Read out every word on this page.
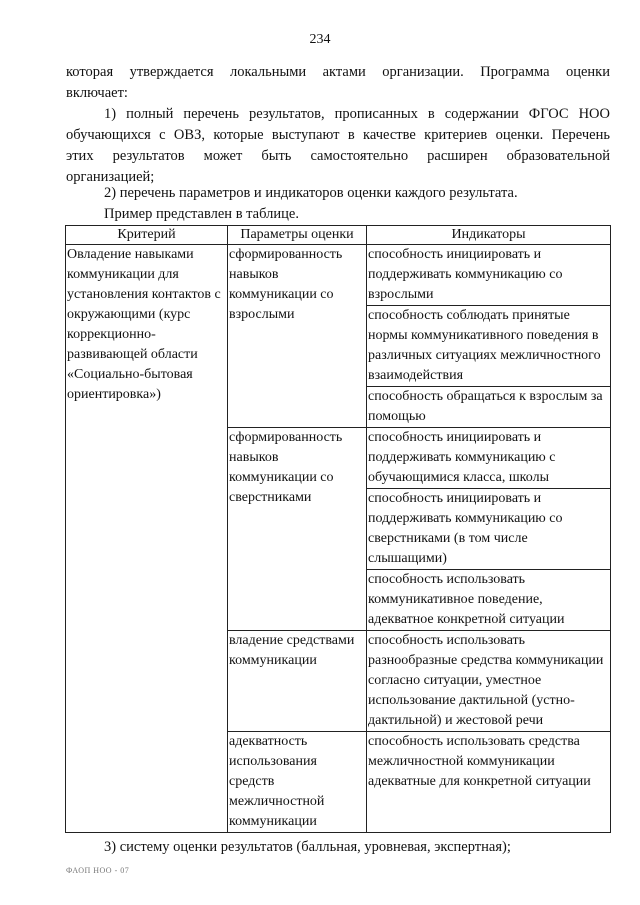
234
которая утверждается локальными актами организации. Программа оценки
включает:
1) полный перечень результатов, прописанных в содержании ФГОС НОО
обучающихся с ОВЗ, которые выступают в качестве критериев оценки. Перечень
этих результатов может быть самостоятельно расширен образовательной
организацией;
2) перечень параметров и индикаторов оценки каждого результата.
Пример представлен в таблице.
Критерий	Параметры оценки	Индикаторы
Овладение навыками коммуникации для установления контактов с окружающими (курс коррекционно-развивающей области «Социально-бытовая ориентировка»)	сформированность навыков коммуникации со взрослыми	способность инициировать и поддерживать коммуникацию со взрослыми
		способность соблюдать принятые нормы коммуникативного поведения в различных ситуациях межличностного взаимодействия
		способность обращаться к взрослым за помощью
	сформированность навыков коммуникации со сверстниками	способность инициировать и поддерживать коммуникацию с обучающимися класса, школы
		способность инициировать и поддерживать коммуникацию со сверстниками (в том числе слышащими)
		способность использовать коммуникативное поведение, адекватное конкретной ситуации
	владение средствами коммуникации	способность использовать разнообразные средства коммуникации согласно ситуации, уместное использование дактильной (устно-дактильной) и жестовой речи
	адекватность использования средств межличностной коммуникации	способность использовать средства межличностной коммуникации адекватные для конкретной ситуации
3) систему оценки результатов (балльная, уровневая, экспертная);
ФАОП НОО - 07
